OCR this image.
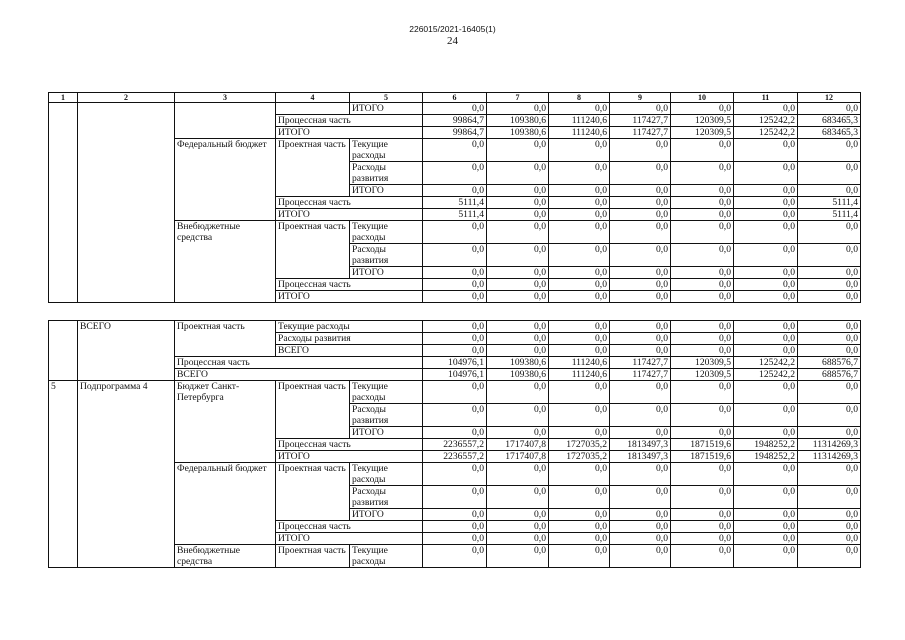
226015/2021-16405(1)
24
1	2	3	4	5	6	7	8	9	10	11	12
				ИТОГО	0,0	0,0	0,0	0,0	0,0	0,0	0,0
			Процессная часть		99864,7	109380,6	111240,6	117427,7	120309,5	125242,2	683465,3
			ИТОГО		99864,7	109380,6	111240,6	117427,7	120309,5	125242,2	683465,3
		Федеральный бюджет	Проектная часть	Текущие расходы	0,0	0,0	0,0	0,0	0,0	0,0	0,0
				Расходы развития	0,0	0,0	0,0	0,0	0,0	0,0	0,0
				ИТОГО	0,0	0,0	0,0	0,0	0,0	0,0	0,0
			Процессная часть		5111,4	0,0	0,0	0,0	0,0	0,0	5111,4
			ИТОГО		5111,4	0,0	0,0	0,0	0,0	0,0	5111,4
		Внебюджетные средства	Проектная часть	Текущие расходы	0,0	0,0	0,0	0,0	0,0	0,0	0,0
				Расходы развития	0,0	0,0	0,0	0,0	0,0	0,0	0,0
				ИТОГО	0,0	0,0	0,0	0,0	0,0	0,0	0,0
			Процессная часть		0,0	0,0	0,0	0,0	0,0	0,0	0,0
			ИТОГО		0,0	0,0	0,0	0,0	0,0	0,0	0,0
	ВСЕГО	Проектная часть	Текущие расходы		0,0	0,0	0,0	0,0	0,0	0,0	0,0
			Расходы развития		0,0	0,0	0,0	0,0	0,0	0,0	0,0
			ВСЕГО		0,0	0,0	0,0	0,0	0,0	0,0	0,0
		Процессная часть			104976,1	109380,6	111240,6	117427,7	120309,5	125242,2	688576,7
		ВСЕГО			104976,1	109380,6	111240,6	117427,7	120309,5	125242,2	688576,7
5	Подпрограмма 4	Бюджет Санкт-Петербурга	Проектная часть	Текущие расходы	0,0	0,0	0,0	0,0	0,0	0,0	0,0
				Расходы развития	0,0	0,0	0,0	0,0	0,0	0,0	0,0
				ИТОГО	0,0	0,0	0,0	0,0	0,0	0,0	0,0
			Процессная часть		2236557,2	1717407,8	1727035,2	1813497,3	1871519,6	1948252,2	11314269,3
			ИТОГО		2236557,2	1717407,8	1727035,2	1813497,3	1871519,6	1948252,2	11314269,3
		Федеральный бюджет	Проектная часть	Текущие расходы	0,0	0,0	0,0	0,0	0,0	0,0	0,0
				Расходы развития	0,0	0,0	0,0	0,0	0,0	0,0	0,0
				ИТОГО	0,0	0,0	0,0	0,0	0,0	0,0	0,0
			Процессная часть		0,0	0,0	0,0	0,0	0,0	0,0	0,0
			ИТОГО		0,0	0,0	0,0	0,0	0,0	0,0	0,0
		Внебюджетные средства	Проектная часть	Текущие расходы	0,0	0,0	0,0	0,0	0,0	0,0	0,0
